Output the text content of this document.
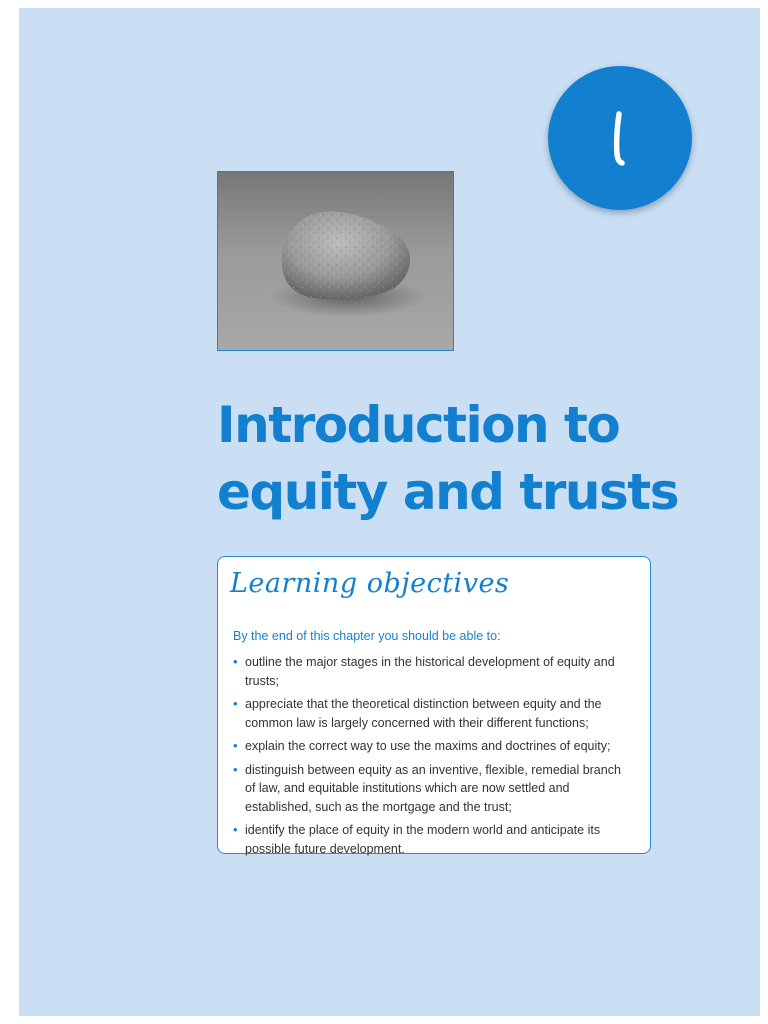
Introduction to
equity and trusts
Learning objectives

By the end of this chapter you should be able to:

• outline the major stages in the historical development of equity and trusts;
• appreciate that the theoretical distinction between equity and the common law is largely concerned with their different functions;
• explain the correct way to use the maxims and doctrines of equity;
• distinguish between equity as an inventive, flexible, remedial branch of law, and equitable institutions which are now settled and established, such as the mortgage and the trust;
• identify the place of equity in the modern world and anticipate its possible future development.
